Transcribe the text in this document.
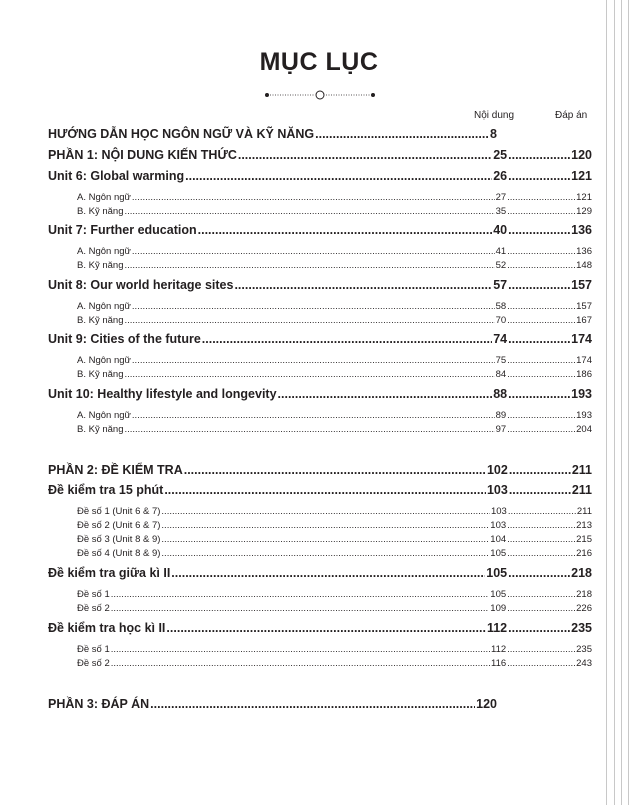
MỤC LỤC
Nội dung	Đáp án
HƯỚNG DẪN HỌC NGÔN NGỮ VÀ KỸ NĂNG .....	8
PHẦN 1: NỘI DUNG KIẾN THỨC .....	25 .....	120
Unit 6: Global warming .....	26 .....	121
A. Ngôn ngữ .....	27 .....	121
B. Kỹ năng .....	35 .....	129
Unit 7: Further education .....	40 .....	136
A. Ngôn ngữ .....	41 .....	136
B. Kỹ năng .....	52 .....	148
Unit 8: Our world heritage sites .....	57 .....	157
A. Ngôn ngữ .....	58 .....	157
B. Kỹ năng .....	70 .....	167
Unit 9: Cities of the future .....	74 .....	174
A. Ngôn ngữ .....	75 .....	174
B. Kỹ năng .....	84 .....	186
Unit 10: Healthy lifestyle and longevity .....	88 .....	193
A. Ngôn ngữ .....	89 .....	193
B. Kỹ năng .....	97 .....	204
PHẦN 2: ĐỀ KIỂM TRA .....	102 .....	211
Đề kiểm tra 15 phút .....	103 .....	211
Đề số 1 (Unit 6 & 7) .....	103 .....	211
Đề số 2 (Unit 6 & 7) .....	103 .....	213
Đề số 3 (Unit 8 & 9) .....	104 .....	215
Đề số 4 (Unit 8 & 9) .....	105 .....	216
Đề kiểm tra giữa kì II .....	105 .....	218
Đề số 1 .....	105 .....	218
Đề số 2 .....	109 .....	226
Đề kiểm tra học kì II .....	112 .....	235
Đề số 1 .....	112 .....	235
Đề số 2 .....	116 .....	243
PHẦN 3: ĐÁP ÁN .....	120
